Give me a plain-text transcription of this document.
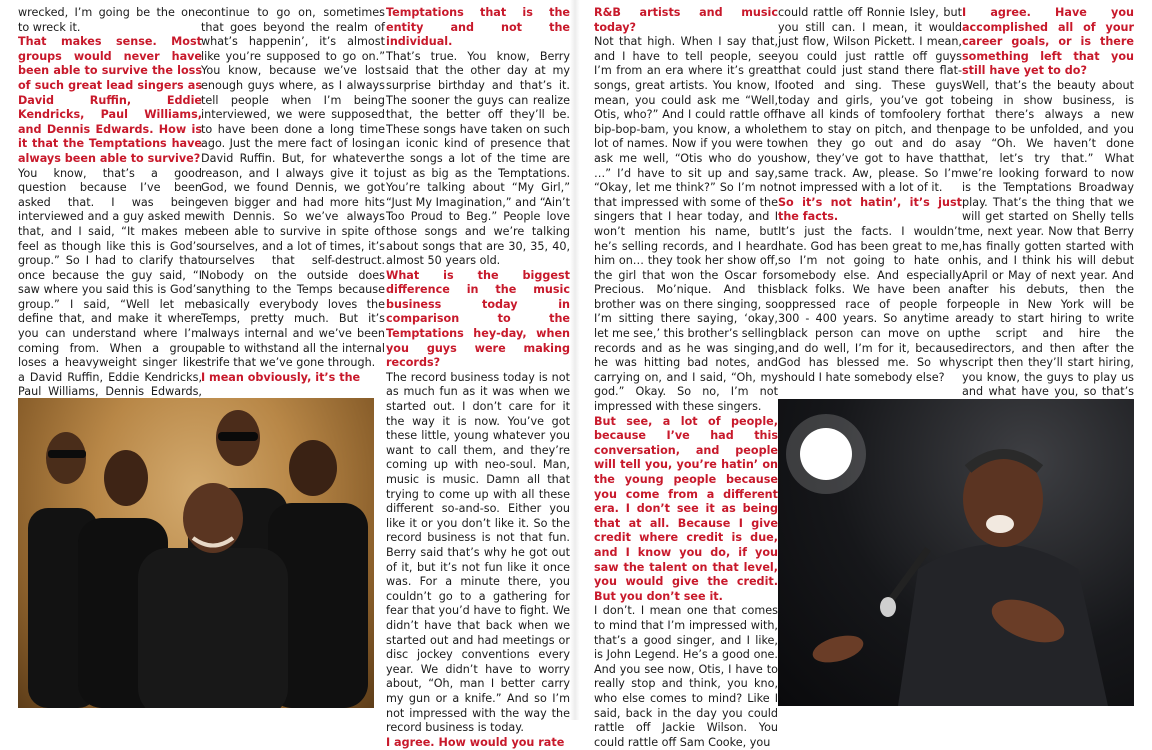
wrecked, I’m going be the one to wreck it.

That makes sense. Most groups would never have been able to survive the loss of such great lead singers as David Ruffin, Eddie Kendricks, Paul Williams, and Dennis Edwards. How is it that the Temptations have always been able to survive?

You know, that’s a good question because I’ve been asked that. I was being interviewed and a guy asked me that, and I said, “It makes me feel as though like this is God’s group.” So I had to clarify that once because the guy said, “I saw where you said this is God’s group.” I said, “Well let me define that, and make it where you can understand where I’m coming from. When a group loses a heavyweight singer like a David Ruffin, Eddie Kendricks, Paul Williams, Dennis Edwards,

continue to go on, sometimes that goes beyond the realm of what’s happenin’, it’s almost like you’re supposed to go on.” You know, because we’ve lost enough guys where, as I always tell people when I’m being interviewed, we were supposed to have been done a long time ago. Just the mere fact of losing David Ruffin. But, for whatever reason, and I always give it to God, we found Dennis, we got even bigger and had more hits with Dennis. So we’ve always been able to survive in spite of ourselves, and a lot of times, it’s ourselves that self-destruct. Nobody on the outside does anything to the Temps because basically everybody loves the Temps, pretty much. But it’s always internal and we’ve been able to withstand all the internal strife that we’ve gone through.

I mean obviously, it’s the

Temptations that is the entity and not the individual.

That’s true. You know, Berry said that the other day at my surprise birthday and that’s it. The sooner the guys can realize that, the better off they’ll be. These songs have taken on such an iconic kind of presence that the songs a lot of the time are just as big as the Temptations. You’re talking about “My Girl,” “Just My Imagination,” and “Ain’t Too Proud to Beg.” People love those songs and we’re talking about songs that are 30, 35, 40, almost 50 years old.

What is the biggest difference in the music business today in comparison to the Temptations hey-day, when you guys were making records?

The record business today is not as much fun as it was when we started out. I don’t care for it the way it is now. You’ve got these little, young whatever you want to call them, and they’re coming up with neo-soul. Man, music is music. Damn all that trying to come up with all these different so-and-so. Either you like it or you don’t like it. So the record business is not that fun. Berry said that’s why he got out of it, but it’s not fun like it once was. For a minute there, you couldn’t go to a gathering for fear that you’d have to fight. We didn’t have that back when we started out and had meetings or disc jockey conventions every year. We didn’t have to worry about, “Oh, man I better carry my gun or a knife.” And so I’m not impressed with the way the record business is today.

I agree. How would you rate

R&B artists and music today?

Not that high. When I say that, and I have to tell people, see I’m from an era where it’s great songs, great artists. You know, I mean, you could ask me “Well, Otis, who?” And I could rattle off bip-bop-bam, you know, a whole lot of names. Now if you were to ask me well, “Otis who do you …” I’d have to sit up and say, “Okay, let me think?” So I’m not that impressed with some of the singers that I hear today, and I won’t mention his name, but he’s selling records, and I heard him on… they took her show off, the girl that won the Oscar for Precious. Mo’nique. And this brother was on there singing, so I’m sitting there saying, ‘okay, let me see,’ this brother’s selling records and as he was singing, he was hitting bad notes, and carrying on, and I said, “Oh, my god.” Okay. So no, I’m not impressed with these singers.

But see, a lot of people, because I’ve had this conversation, and people will tell you, you’re hatin’ on the young people because you come from a different era. I don’t see it as being that at all. Because I give credit where credit is due, and I know you do, if you saw the talent on that level, you would give the credit. But you don’t see it.

I don’t. I mean one that comes to mind that I’m impressed with, that’s a good singer, and I like, is John Legend. He’s a good one. And you see now, Otis, I have to really stop and think, you kno, who else comes to mind? Like I said, back in the day you could rattle off Jackie Wilson. You could rattle off Sam Cooke, you

could rattle off Ronnie Isley, but you still can. I mean, it would just flow, Wilson Pickett. I mean, you could just rattle off guys that could just stand there flat-footed and sing. These guys today and girls, you’ve got to have all kinds of tomfoolery for them to stay on pitch, and then when they go out and do a show, they’ve got to have that same track. Aw, please. So I’m not impressed with a lot of it.

So it’s not hatin’, it’s just the facts.

It’s just the facts. I wouldn’t hate. God has been great to me, so I’m not going to hate on somebody else. And especially black folks. We have been an oppressed race of people for 300 - 400 years. So anytime a black person can move on up and do well, I’m for it, because God has blessed me. So why should I hate somebody else?

I agree. Have you accomplished all of your career goals, or is there something left that you still have yet to do?

Well, that’s the beauty about being in show business, is that there’s always a new page to be unfolded, and you say “Oh. We haven’t done that, let’s try that.” What we’re looking forward to now is the Temptations Broadway play. That’s the thing that we will get started on Shelly tells me, next year. Now that Berry has finally gotten started with his, and I think his will debut April or May of next year. And after his debuts, then the people in New York will be ready to start hiring to write the script and hire the directors, and then after the script then they’ll start hiring, you know, the guys to play us and what have you, so that’s
